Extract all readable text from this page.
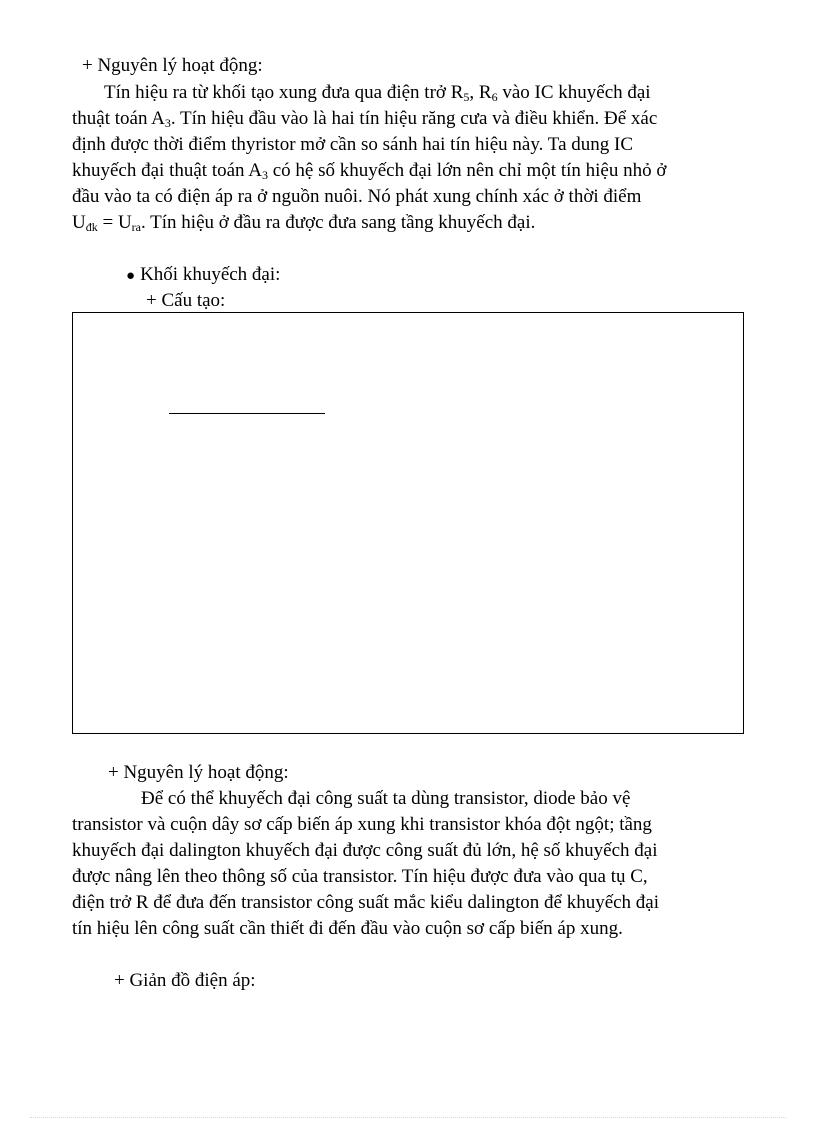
+ Nguyên lý hoạt động:
Tín hiệu ra từ khối tạo xung đưa qua điện trở $R_5$, $R_6$ vào IC khuyếch đại
thuật toán $A_3$. Tín hiệu đầu vào là hai tín hiệu răng cưa và điều khiển. Để xác
định được thời điểm thyristor mở cần so sánh hai tín hiệu này. Ta dung IC
khuyếch đại thuật toán $A_3$ có hệ số khuyếch đại lớn nên chỉ một tín hiệu nhỏ ở
đầu vào ta có điện áp ra ở nguồn nuôi. Nó phát xung chính xác ở thời điểm
$U_{đk} = U_{ra}$. Tín hiệu ở đầu ra được đưa sang tầng khuyếch đại.
● Khối khuyếch đại:
+ Cấu tạo:
+ Nguyên lý hoạt động:
Để có thể khuyếch đại công suất ta dùng transistor, diode bảo vệ
transistor và cuộn dây sơ cấp biến áp xung khi transistor khóa đột ngột; tầng
khuyếch đại dalington khuyếch đại được công suất đủ lớn, hệ số khuyếch đại
được nâng lên theo thông số của transistor. Tín hiệu được đưa vào qua tụ C,
điện trở R để đưa đến transistor công suất mắc kiểu dalington để khuyếch đại
tín hiệu lên công suất cần thiết đi đến đầu vào cuộn sơ cấp biến áp xung.
+ Giản đồ điện áp:
